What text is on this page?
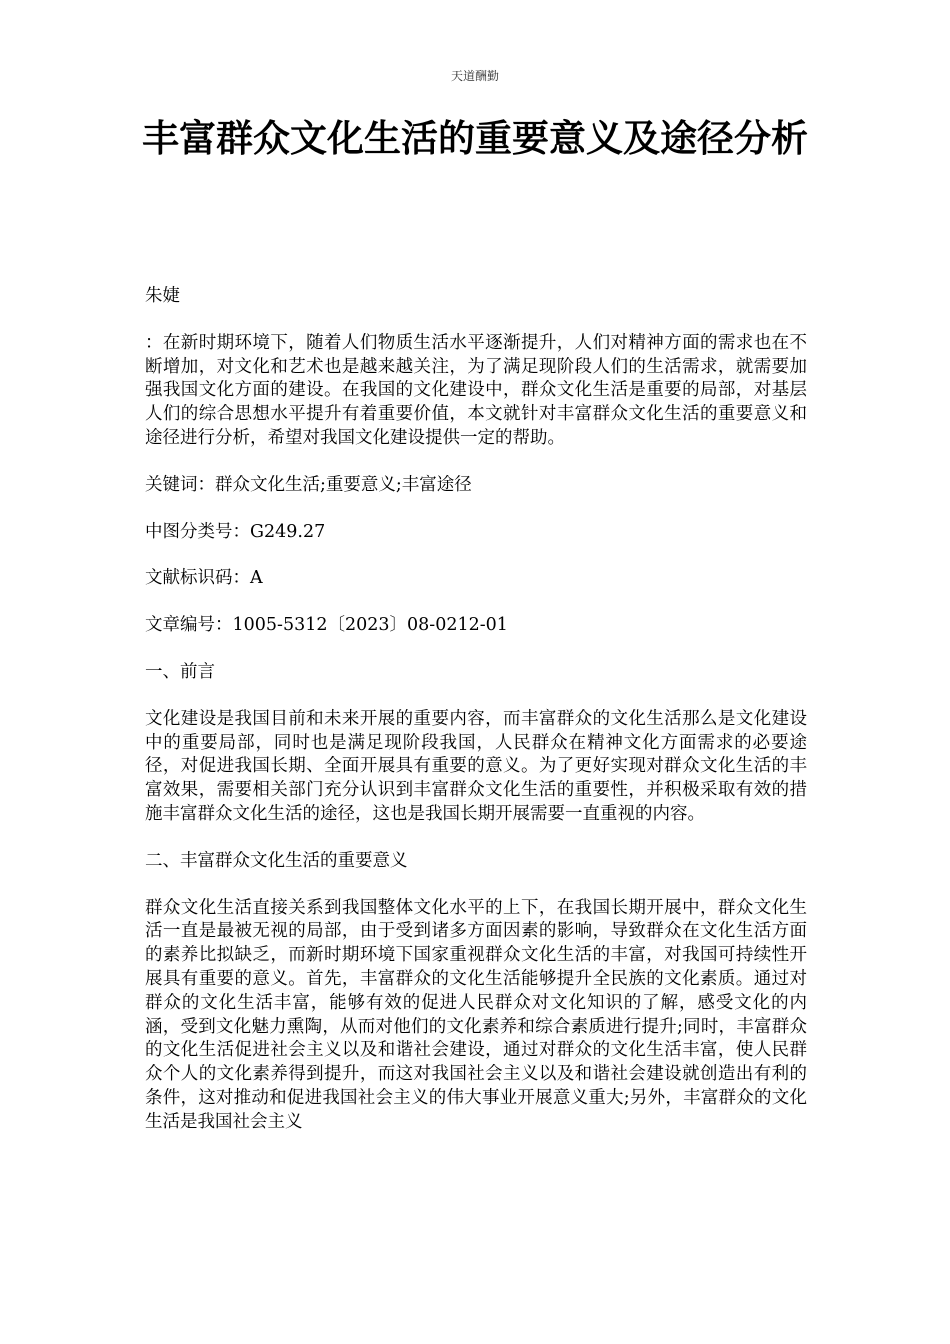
天道酬勤
丰富群众文化生活的重要意义及途径分析

朱婕

：在新时期环境下，随着人们物质生活水平逐渐提升，人们对精神方面的需求也在不断增加，对文化和艺术也是越来越关注，为了满足现阶段人们的生活需求，就需要加强我国文化方面的建设。在我国的文化建设中，群众文化生活是重要的局部，对基层人们的综合思想水平提升有着重要价值，本文就针对丰富群众文化生活的重要意义和途径进行分析，希望对我国文化建设提供一定的帮助。

关键词：群众文化生活;重要意义;丰富途径

中图分类号：G249.27

文献标识码：A

文章编号：1005-5312〔2023〕08-0212-01

一、前言

文化建设是我国目前和未来开展的重要内容，而丰富群众的文化生活那么是文化建设中的重要局部，同时也是满足现阶段我国，人民群众在精神文化方面需求的必要途径，对促进我国长期、全面开展具有重要的意义。为了更好实现对群众文化生活的丰富效果，需要相关部门充分认识到丰富群众文化生活的重要性，并积极采取有效的措施丰富群众文化生活的途径，这也是我国长期开展需要一直重视的内容。

二、丰富群众文化生活的重要意义

群众文化生活直接关系到我国整体文化水平的上下，在我国长期开展中，群众文化生活一直是最被无视的局部，由于受到诸多方面因素的影响，导致群众在文化生活方面的素养比拟缺乏，而新时期环境下国家重视群众文化生活的丰富，对我国可持续性开展具有重要的意义。首先，丰富群众的文化生活能够提升全民族的文化素质。通过对群众的文化生活丰富，能够有效的促进人民群众对文化知识的了解，感受文化的内涵，受到文化魅力熏陶，从而对他们的文化素养和综合素质进行提升;同时，丰富群众的文化生活促进社会主义以及和谐社会建设，通过对群众的文化生活丰富，使人民群众个人的文化素养得到提升，而这对我国社会主义以及和谐社会建设就创造出有利的条件，这对推动和促进我国社会主义的伟大事业开展意义重大;另外，丰富群众的文化生活是我国社会主义
